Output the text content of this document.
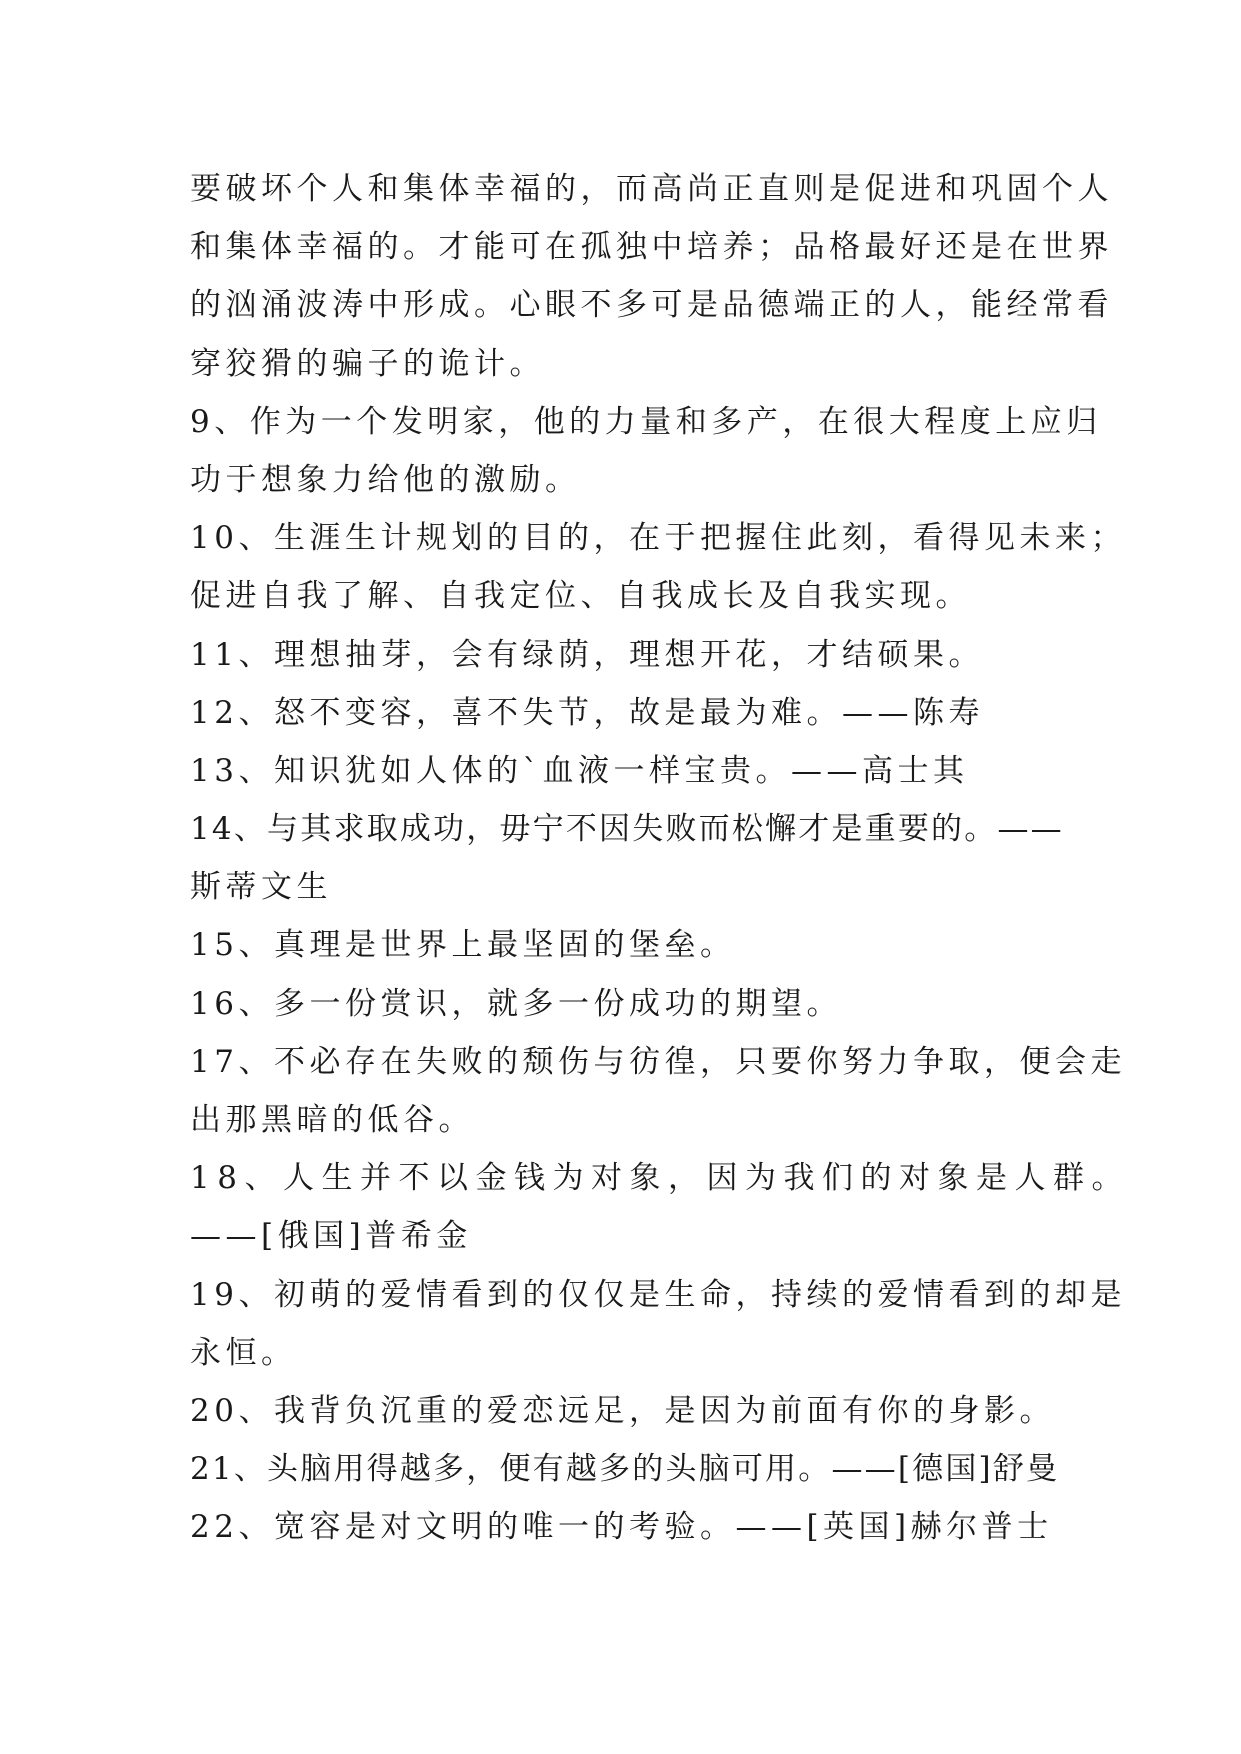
要破坏个人和集体幸福的，而高尚正直则是促进和巩固个人
和集体幸福的。才能可在孤独中培养；品格最好还是在世界
的汹涌波涛中形成。心眼不多可是品德端正的人，能经常看
穿狡猾的骗子的诡计。
9、作为一个发明家，他的力量和多产，在很大程度上应归
功于想象力给他的激励。
10、生涯生计规划的目的，在于把握住此刻，看得见未来；
促进自我了解、自我定位、自我成长及自我实现。
11、理想抽芽，会有绿荫，理想开花，才结硕果。
12、怒不变容，喜不失节，故是最为难。——陈寿
13、知识犹如人体的`血液一样宝贵。——高士其
14、与其求取成功，毋宁不因失败而松懈才是重要的。——
斯蒂文生
15、真理是世界上最坚固的堡垒。
16、多一份赏识，就多一份成功的期望。
17、不必存在失败的颓伤与彷徨，只要你努力争取，便会走
出那黑暗的低谷。
18、人生并不以金钱为对象，因为我们的对象是人群。
——[俄国]普希金
19、初萌的爱情看到的仅仅是生命，持续的爱情看到的却是
永恒。
20、我背负沉重的爱恋远足，是因为前面有你的身影。
21、头脑用得越多，便有越多的头脑可用。——[德国]舒曼
22、宽容是对文明的唯一的考验。——[英国]赫尔普士
